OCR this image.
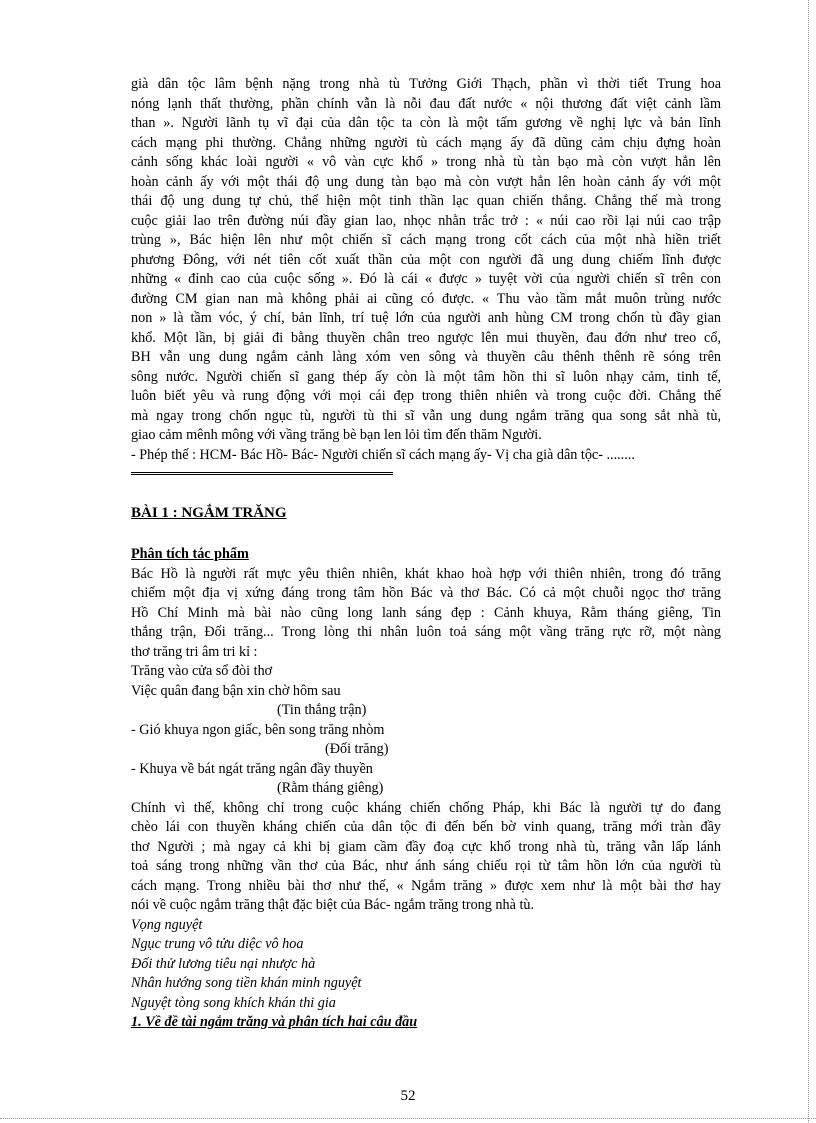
già dân tộc lâm bệnh nặng trong nhà tù Tưởng Giới Thạch, phần vì thời tiết Trung hoa
nóng lạnh thất thường, phần chính vẫn là nỗi đau đất nước « nội thương đất việt cảnh lầm
than ». Người lãnh tụ vĩ đại của dân tộc ta còn là một tấm gương về nghị lực và bản lĩnh
cách mạng phi thường. Chẳng những người tù cách mạng ấy đã dũng cảm chịu đựng hoàn
cảnh sống khác loài người « vô vàn cực khổ » trong nhà tù tàn bạo mà còn vượt hẳn lên
hoàn cảnh ấy với một thái độ ung dung tàn bạo mà còn vượt hẳn lên hoàn cảnh ấy với một
thái độ ung dung tự chủ, thể hiện một tinh thần lạc quan chiến thắng. Chẳng thế mà trong
cuộc giải lao trên đường núi đầy gian lao, nhọc nhằn trắc trở : « núi cao rồi lại núi cao trập
trùng », Bác hiện lên như một chiến sĩ cách mạng trong cốt cách của một nhà hiền triết
phương Đông, với nét tiên cốt xuất thần của một con người đã ung dung chiếm lĩnh được
những « đỉnh cao của cuộc sống ». Đó là cái « được » tuyệt vời của người chiến sĩ trên con
đường CM gian nan mà không phải ai cũng có được. « Thu vào tầm mắt muôn trùng nước
non » là tầm vóc, ý chí, bản lĩnh, trí tuệ lớn của người anh hùng CM trong chốn tù đầy gian
khổ. Một lần, bị giải đi bằng thuyền chân treo ngược lên mui thuyền, đau đớn như treo cổ,
BH vẫn ung dung ngắm cảnh làng xóm ven sông và thuyền câu thênh thênh rẽ sóng trên
sông nước. Người chiến sĩ gang thép ấy còn là một tâm hồn thi sĩ luôn nhạy cảm, tinh tế,
luôn biết yêu và rung động với mọi cái đẹp trong thiên nhiên và trong cuộc đời. Chẳng thế
mà ngay trong chốn ngục tù, người tù thi sĩ vẫn ung dung ngắm trăng qua song sắt nhà tù,
giao cảm mênh mông với vầng trăng bè bạn len lỏi tìm đến thăm Người.
- Phép thế : HCM- Bác Hồ- Bác- Người chiến sĩ cách mạng ấy- Vị cha già dân tộc- ........
BÀI 1 : NGẮM TRĂNG
Phân tích tác phẩm
Bác Hồ là người rất mực yêu thiên nhiên, khát khao hoà hợp với thiên nhiên, trong đó trăng
chiếm một địa vị xứng đáng trong tâm hồn Bác và thơ Bác. Có cả một chuỗi ngọc thơ trăng
Hồ Chí Minh mà bài nào cũng long lanh sáng đẹp : Cảnh khuya, Rằm tháng giêng, Tin
thắng trận, Đối trăng... Trong lòng thi nhân luôn toả sáng một vầng trăng rực rỡ, một nàng
thơ trăng tri âm tri kỉ :
Trăng vào cửa sổ đòi thơ
Việc quân đang bận xin chờ hôm sau
(Tin thắng trận)
- Gió khuya ngon giấc, bên song trăng nhòm
(Đối trăng)
- Khuya về bát ngát trăng ngân đầy thuyền
(Rằm tháng giêng)
Chính vì thế, không chỉ trong cuộc kháng chiến chống Pháp, khi Bác là người tự do đang
chèo lái con thuyền kháng chiến của dân tộc đi đến bến bờ vinh quang, trăng mới tràn đầy
thơ Người ; mà ngay cả khi bị giam cầm đầy đoạ cực khổ trong nhà tù, trăng vẫn lấp lánh
toả sáng trong những vần thơ của Bác, như ánh sáng chiếu rọi từ tâm hồn lớn của người tù
cách mạng. Trong nhiều bài thơ như thế, « Ngắm trăng » được xem như là một bài thơ hay
nói về cuộc ngắm trăng thật đặc biệt của Bác- ngắm trăng trong nhà tù.
Vọng nguyệt
Ngục trung vô tửu diệc vô hoa
Đối thử lương tiêu nại nhược hà
Nhân hướng song tiền khán minh nguyệt
Nguyệt tòng song khích khán thi gia
1. Về đề tài ngắm trăng và phân tích hai câu đầu
52
